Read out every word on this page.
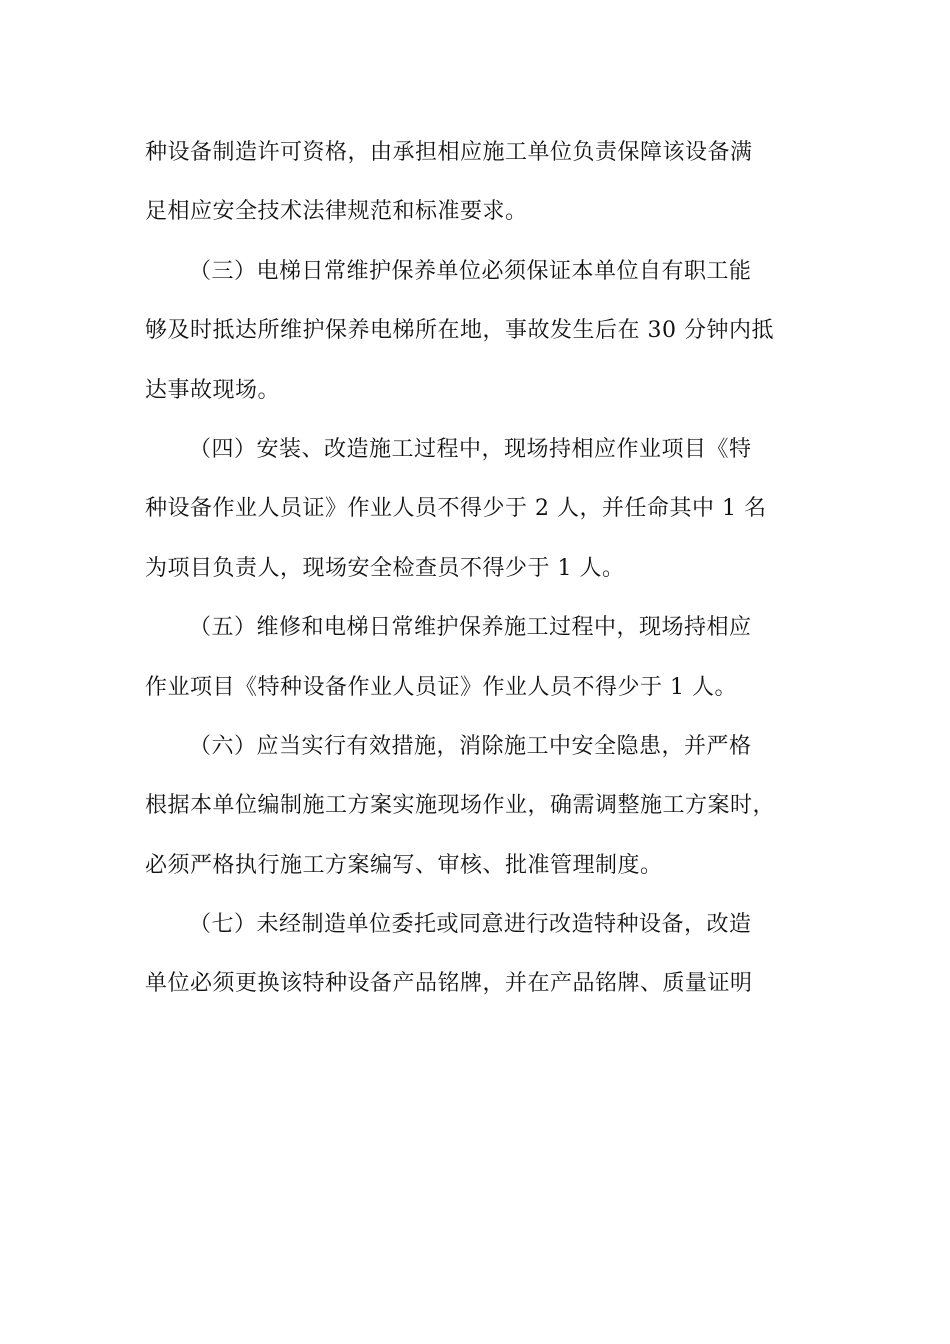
种设备制造许可资格，由承担相应施工单位负责保障该设备满
足相应安全技术法律规范和标准要求。
（三）电梯日常维护保养单位必须保证本单位自有职工能
够及时抵达所维护保养电梯所在地，事故发生后在 30 分钟内抵
达事故现场。
（四）安装、改造施工过程中，现场持相应作业项目《特
种设备作业人员证》作业人员不得少于 2 人，并任命其中 1 名
为项目负责人，现场安全检查员不得少于 1 人。
（五）维修和电梯日常维护保养施工过程中，现场持相应
作业项目《特种设备作业人员证》作业人员不得少于 1 人。
（六）应当实行有效措施，消除施工中安全隐患，并严格
根据本单位编制施工方案实施现场作业，确需调整施工方案时，
必须严格执行施工方案编写、审核、批准管理制度。
（七）未经制造单位委托或同意进行改造特种设备，改造
单位必须更换该特种设备产品铭牌，并在产品铭牌、质量证明
